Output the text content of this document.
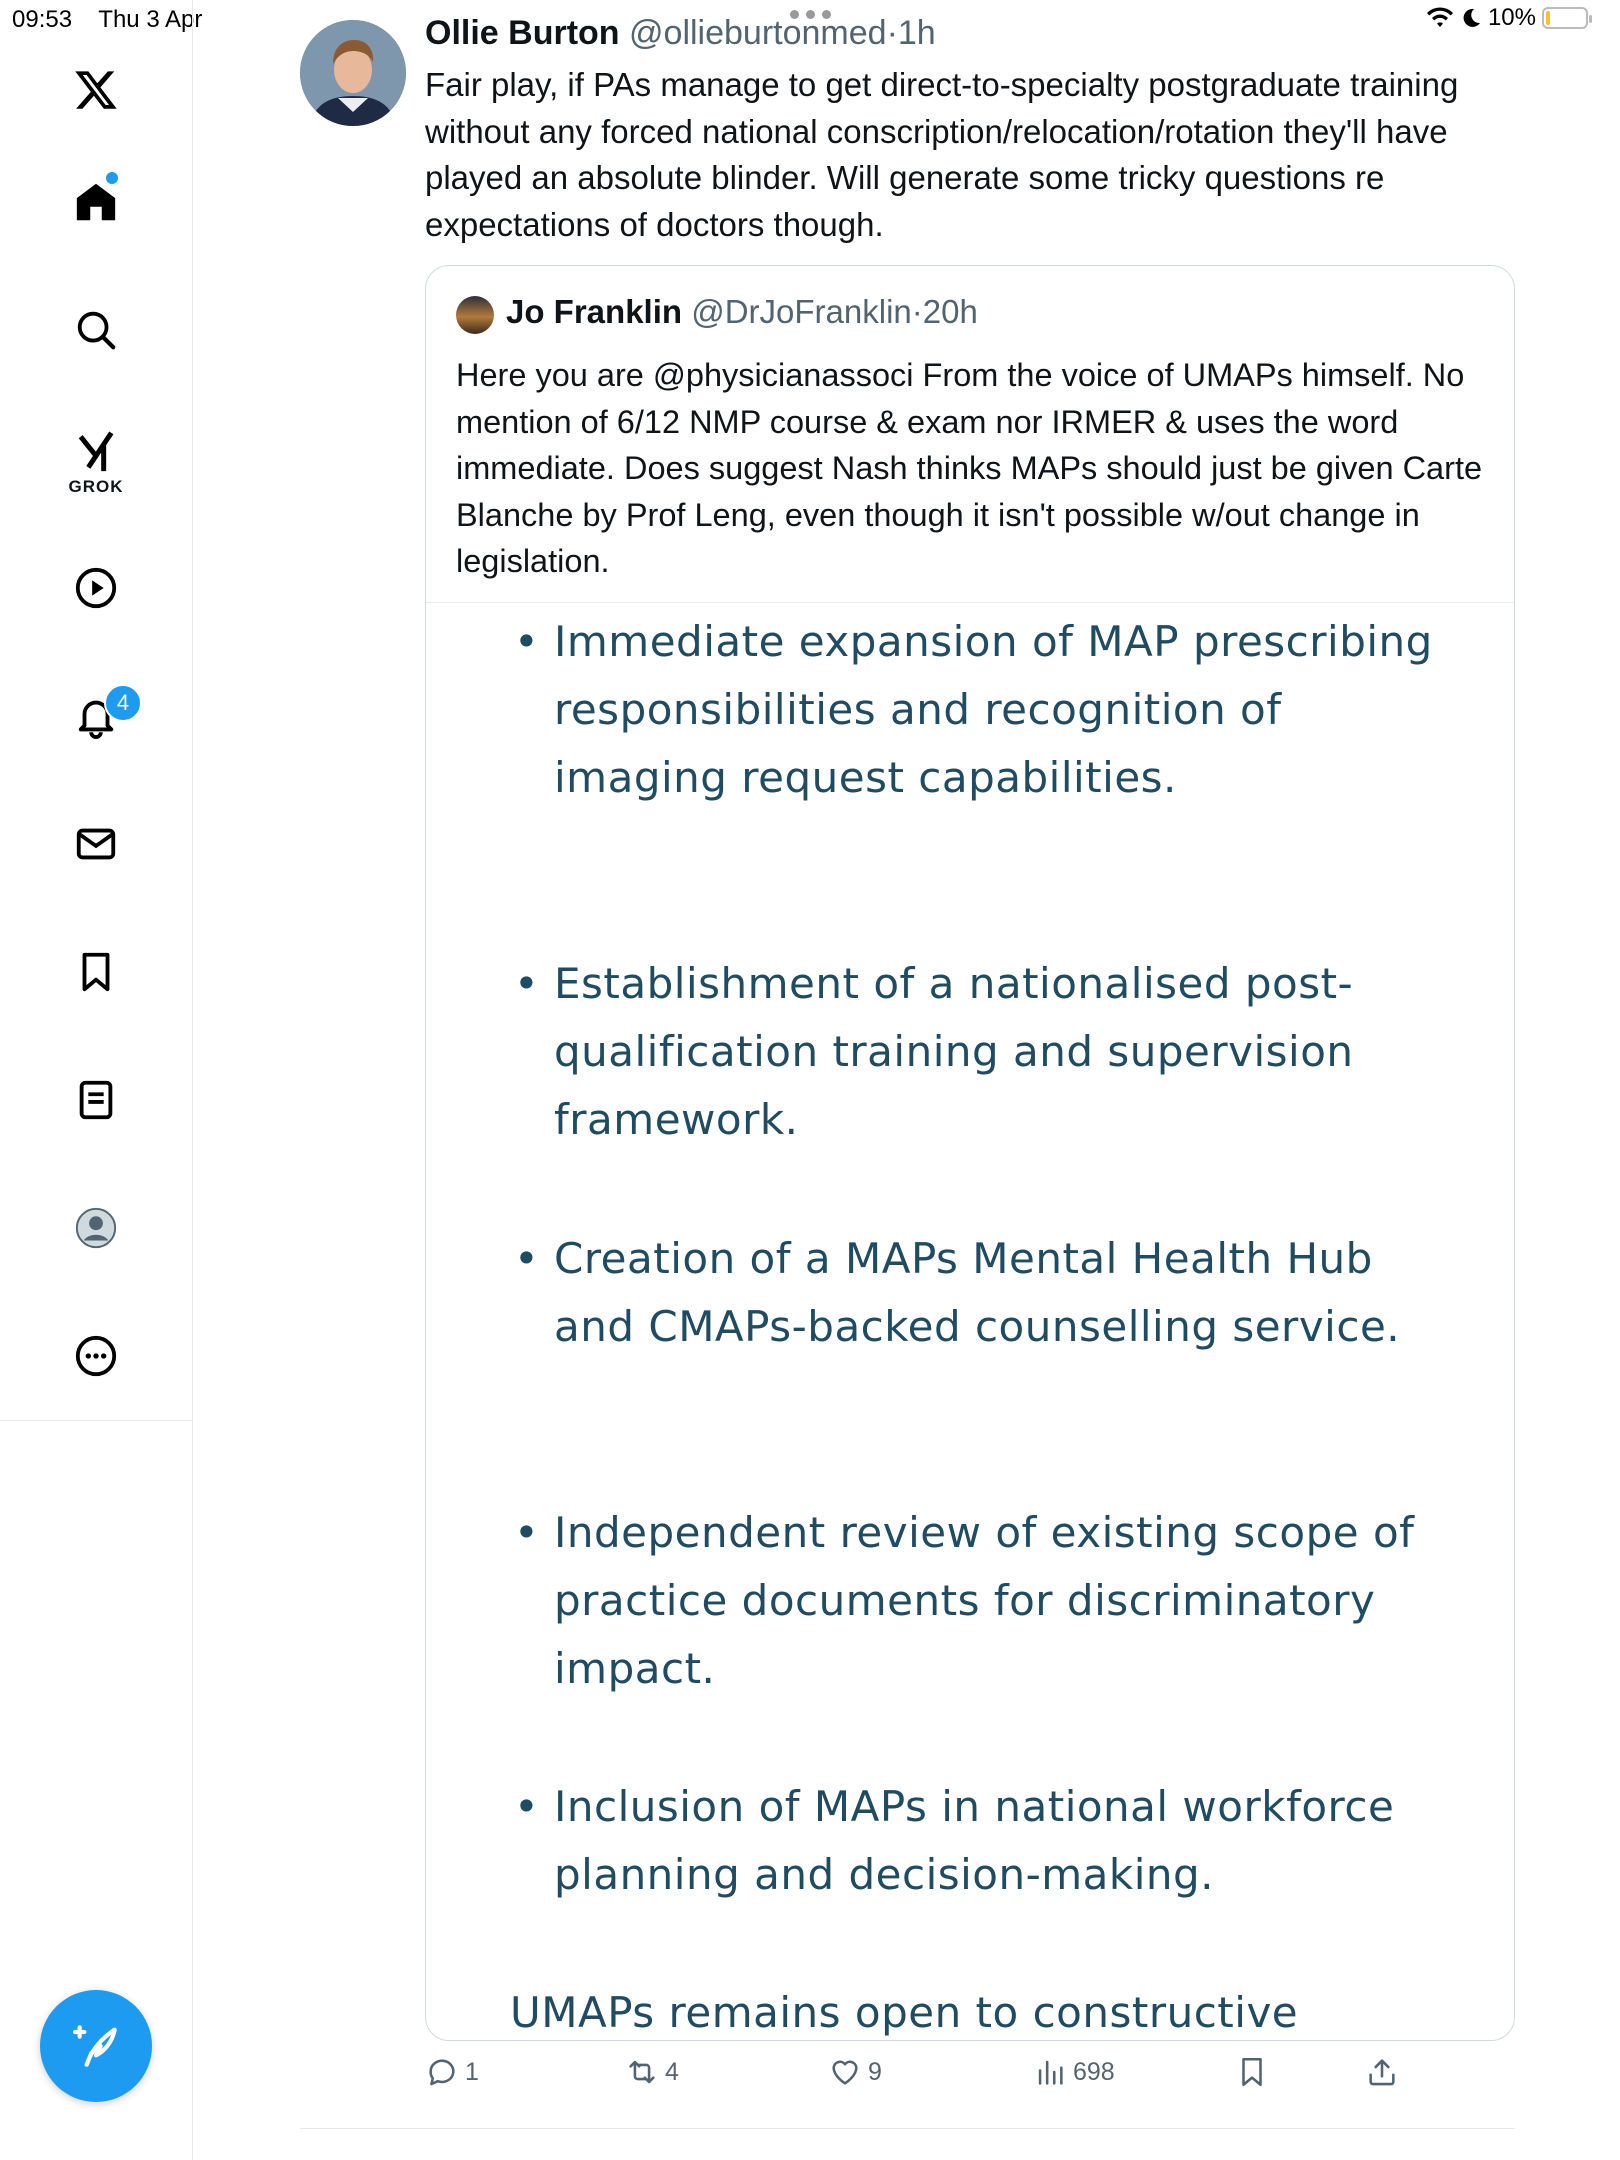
09:53 Thu 3 Apr	10%
GROK
4
Ollie Burton @ollieburtonmed·1h
Fair play, if PAs manage to get direct-to-specialty postgraduate training without any forced national conscription/relocation/rotation they'll have played an absolute blinder. Will generate some tricky questions re expectations of doctors though.
Jo Franklin @DrJoFranklin·20h
Here you are @physicianassoci From the voice of UMAPs himself. No mention of 6/12 NMP course & exam nor IRMER & uses the word immediate. Does suggest Nash thinks MAPs should just be given Carte Blanche by Prof Leng, even though it isn't possible w/out change in legislation.
• Immediate expansion of MAP prescribing responsibilities and recognition of imaging request capabilities.
• Establishment of a nationalised post-qualification training and supervision framework.
• Creation of a MAPs Mental Health Hub and CMAPs-backed counselling service.
• Independent review of existing scope of practice documents for discriminatory impact.
• Inclusion of MAPs in national workforce planning and decision-making.
UMAPs remains open to constructive
1	4	9	698
